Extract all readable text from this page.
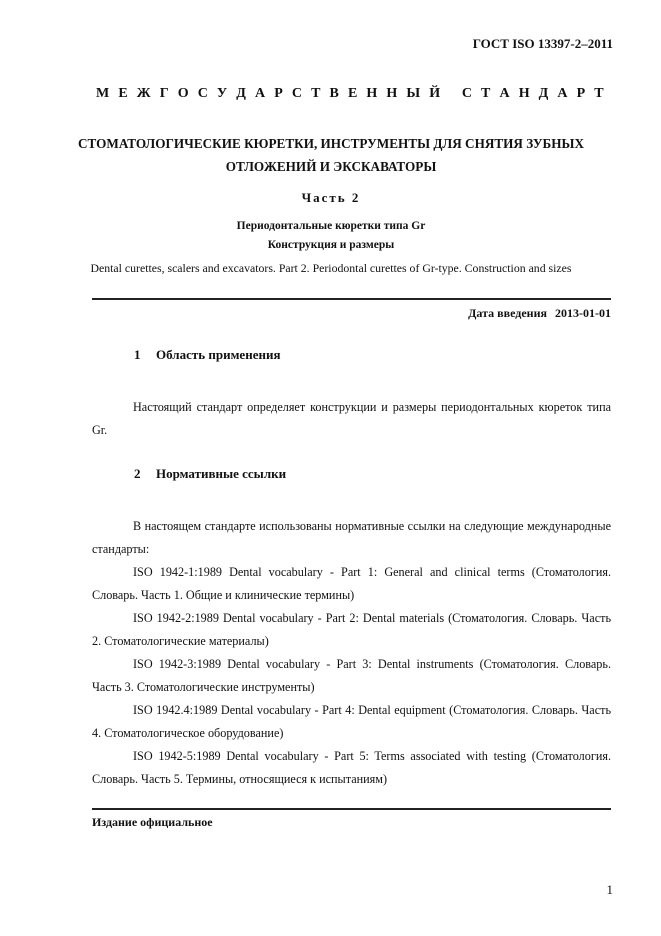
ГОСТ ISO 13397-2–2011
М Е Ж Г О С У Д А Р С Т В Е Н Н Ы Й
С Т А Н Д А Р Т
СТОМАТОЛОГИЧЕСКИЕ КЮРЕТКИ, ИНСТРУМЕНТЫ ДЛЯ СНЯТИЯ ЗУБНЫХ
ОТЛОЖЕНИЙ И ЭКСКАВАТОРЫ
Часть 2
Периодонтальные кюретки типа Gr
Конструкция и размеры
Dental curettes, scalers and excavators. Part 2. Periodontal curettes of Gr-type. Construction and sizes
Дата введения 2013-01-01
1 Область применения
Настоящий стандарт определяет конструкции и размеры периодонтальных кюреток типа Gr.
2 Нормативные ссылки
В настоящем стандарте использованы нормативные ссылки на следующие международные стандарты:
ISO 1942-1:1989 Dental vocabulary - Part 1: General and clinical terms (Стоматология. Словарь. Часть 1. Общие и клинические термины)
ISO 1942-2:1989 Dental vocabulary - Part 2: Dental materials (Стоматология. Словарь. Часть 2. Стоматологические материалы)
ISO 1942-3:1989 Dental vocabulary - Part 3: Dental instruments (Стоматология. Словарь. Часть 3. Стоматологические инструменты)
ISO 1942.4:1989 Dental vocabulary - Part 4: Dental equipment (Стоматология. Словарь. Часть 4. Стоматологическое оборудование)
ISO 1942-5:1989 Dental vocabulary - Part 5: Terms associated with testing (Стоматология. Словарь. Часть 5. Термины, относящиеся к испытаниям)
Издание официальное
1
